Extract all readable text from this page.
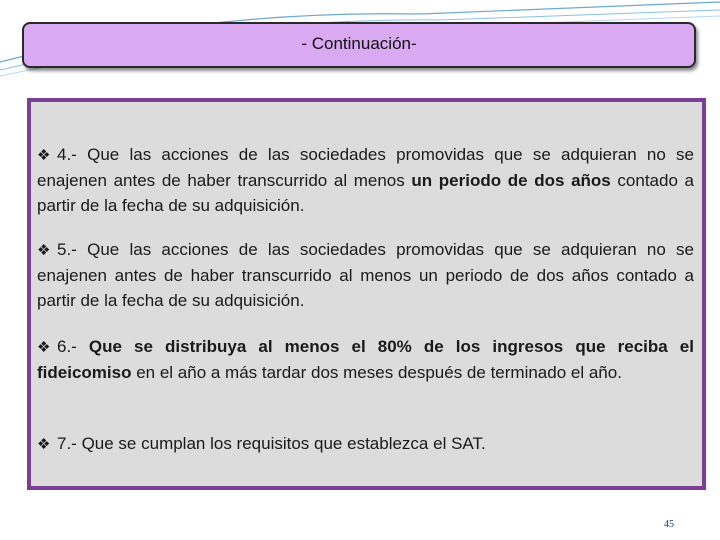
- Continuación-
❖ 4.- Que las acciones de las sociedades promovidas que se adquieran no se enajenen antes de haber transcurrido al menos un periodo de dos años contado a partir de la fecha de su adquisición.
❖ 5.- Que las acciones de las sociedades promovidas que se adquieran no se enajenen antes de haber transcurrido al menos un periodo de dos años contado a partir de la fecha de su adquisición.
❖ 6.- Que se distribuya al menos el 80% de los ingresos que reciba el fideicomiso en el año a más tardar dos meses después de terminado el año.
❖ 7.- Que se cumplan los requisitos que establezca el SAT.
45
